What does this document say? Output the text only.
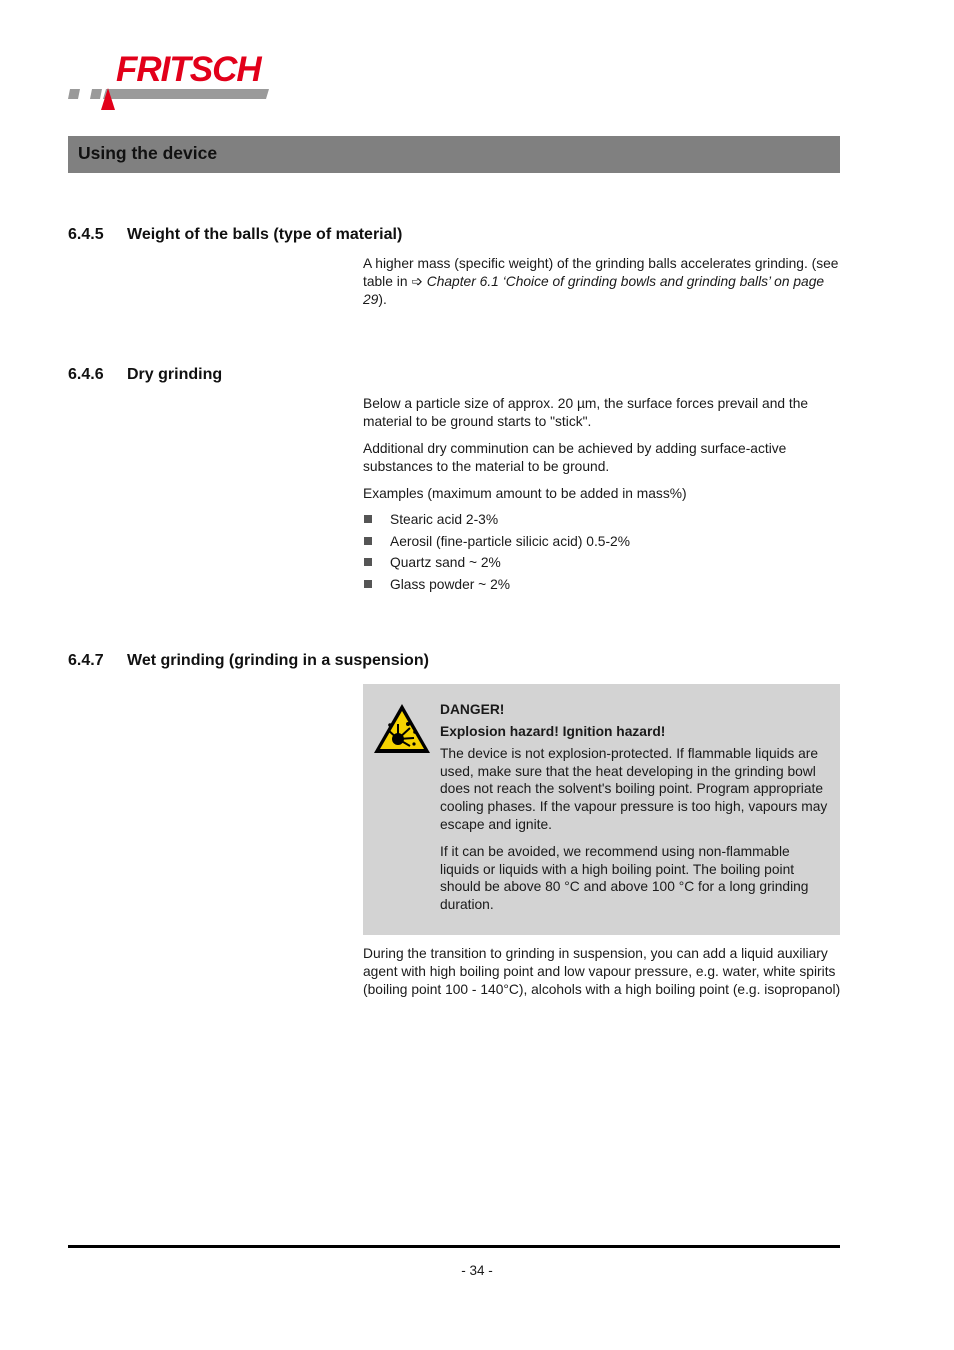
FRITSCH
Using the device
6.4.5 Weight of the balls (type of material)
A higher mass (specific weight) of the grinding balls accelerates grinding. (see table in ➩ Chapter 6.1 ‘Choice of grinding bowls and grinding balls’ on page 29).
6.4.6 Dry grinding
Below a particle size of approx. 20 µm, the surface forces prevail and the material to be ground starts to "stick".
Additional dry comminution can be achieved by adding surface-active substances to the material to be ground.
Examples (maximum amount to be added in mass%)
Stearic acid 2-3%
Aerosil (fine-particle silicic acid) 0.5-2%
Quartz sand ~ 2%
Glass powder ~ 2%
6.4.7 Wet grinding (grinding in a suspension)
DANGER!
Explosion hazard! Ignition hazard!
The device is not explosion-protected. If flammable liquids are used, make sure that the heat developing in the grinding bowl does not reach the solvent's boiling point. Program appropriate cooling phases. If the vapour pressure is too high, vapours may escape and ignite.
If it can be avoided, we recommend using non-flammable liquids or liquids with a high boiling point. The boiling point should be above 80 °C and above 100 °C for a long grinding duration.
During the transition to grinding in suspension, you can add a liquid auxiliary agent with high boiling point and low vapour pressure, e.g. water, white spirits (boiling point 100 - 140°C), alcohols with a high boiling point (e.g. isopropanol)
- 34 -
